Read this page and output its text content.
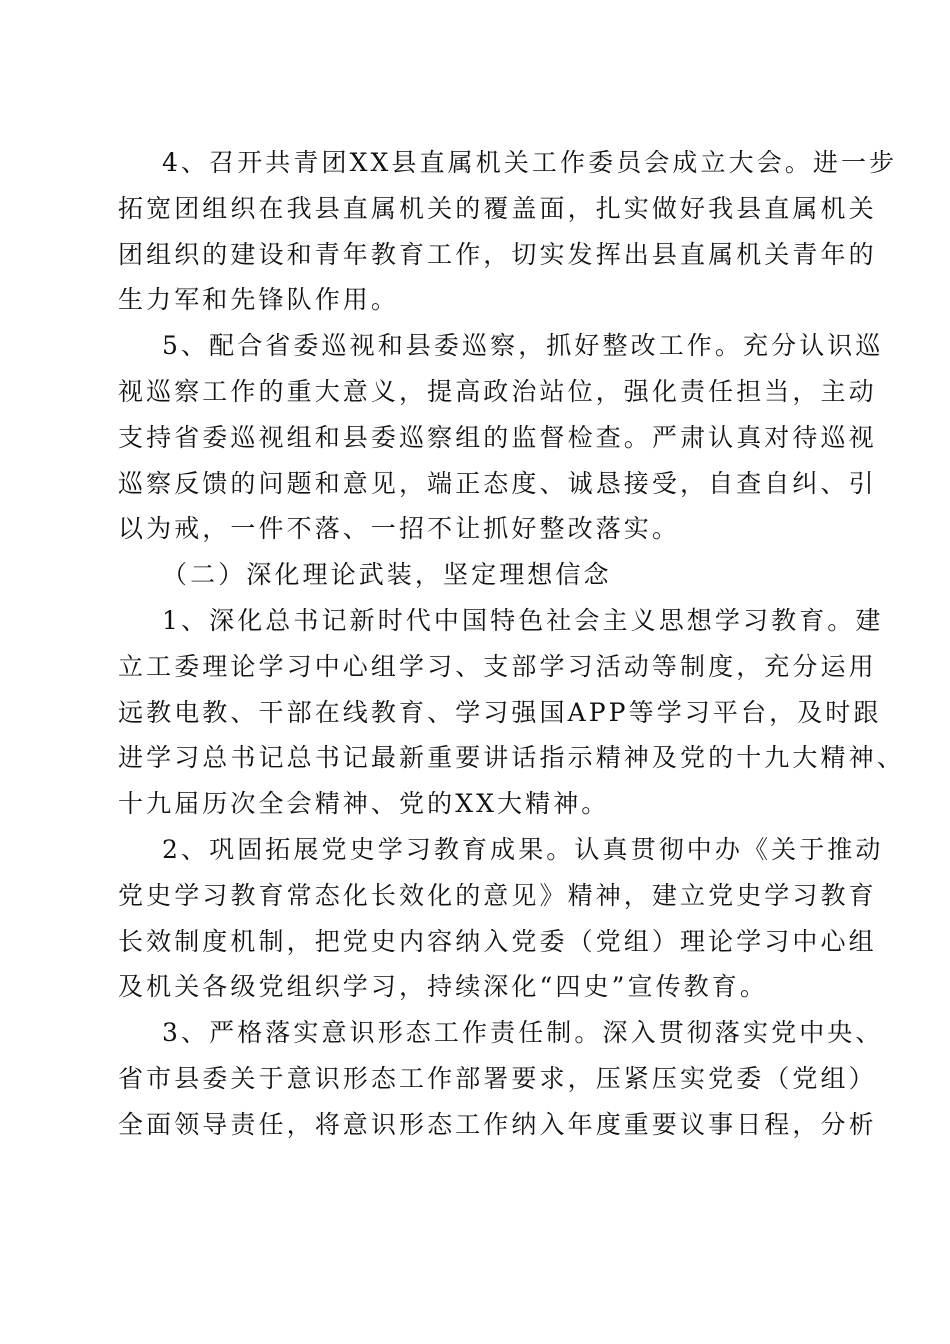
4、召开共青团XX县直属机关工作委员会成立大会。进一步
拓宽团组织在我县直属机关的覆盖面，扎实做好我县直属机关
团组织的建设和青年教育工作，切实发挥出县直属机关青年的
生力军和先锋队作用。
5、配合省委巡视和县委巡察，抓好整改工作。充分认识巡
视巡察工作的重大意义，提高政治站位，强化责任担当，主动
支持省委巡视组和县委巡察组的监督检查。严肃认真对待巡视
巡察反馈的问题和意见，端正态度、诚恳接受，自查自纠、引
以为戒，一件不落、一招不让抓好整改落实。
（二）深化理论武装，坚定理想信念
1、深化总书记新时代中国特色社会主义思想学习教育。建
立工委理论学习中心组学习、支部学习活动等制度，充分运用
远教电教、干部在线教育、学习强国APP等学习平台，及时跟
进学习总书记总书记最新重要讲话指示精神及党的十九大精神、
十九届历次全会精神、党的XX大精神。
2、巩固拓展党史学习教育成果。认真贯彻中办《关于推动
党史学习教育常态化长效化的意见》精神，建立党史学习教育
长效制度机制，把党史内容纳入党委（党组）理论学习中心组
及机关各级党组织学习，持续深化“四史”宣传教育。
3、严格落实意识形态工作责任制。深入贯彻落实党中央、
省市县委关于意识形态工作部署要求，压紧压实党委（党组）
全面领导责任，将意识形态工作纳入年度重要议事日程，分析
